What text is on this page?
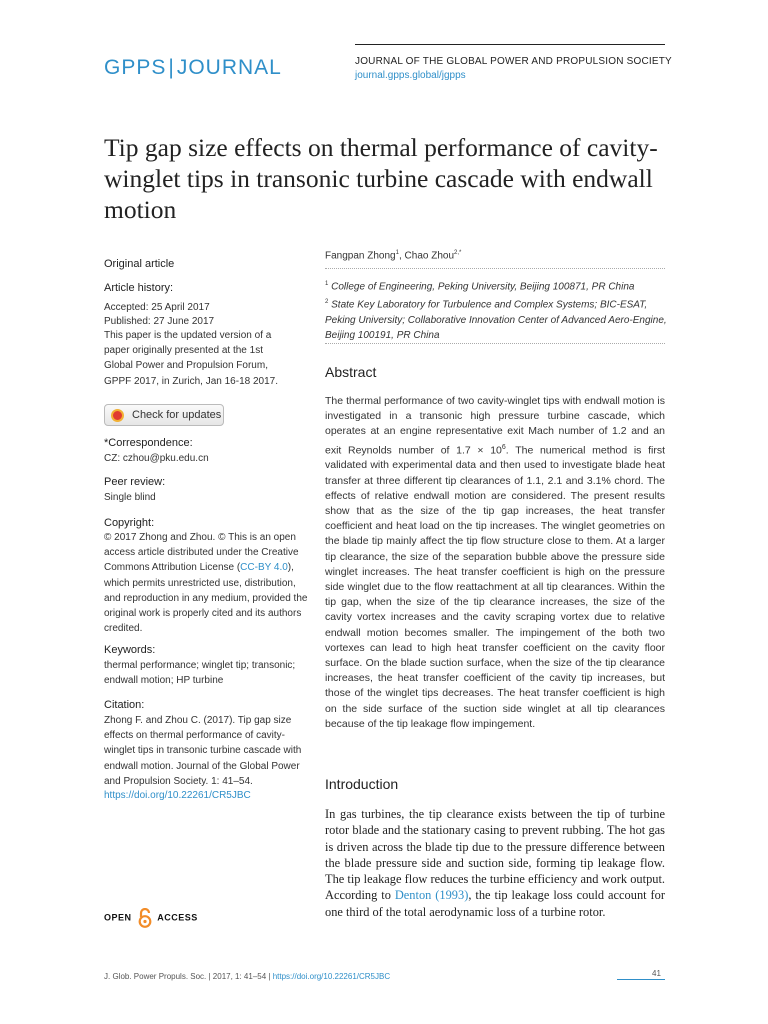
GPPS|JOURNAL	JOURNAL OF THE GLOBAL POWER AND PROPULSION SOCIETY
journal.gpps.global/jgpps
Tip gap size effects on thermal performance of cavity-winglet tips in transonic turbine cascade with endwall motion
Original article
Article history:
Accepted: 25 April 2017
Published: 27 June 2017
This paper is the updated version of a paper originally presented at the 1st Global Power and Propulsion Forum, GPPF 2017, in Zurich, Jan 16-18 2017.
Check for updates
*Correspondence:
CZ: czhou@pku.edu.cn
Peer review:
Single blind
Copyright:
© 2017 Zhong and Zhou. © This is an open access article distributed under the Creative Commons Attribution License (CC-BY 4.0), which permits unrestricted use, distribution, and reproduction in any medium, provided the original work is properly cited and its authors credited.
Keywords:
thermal performance; winglet tip; transonic; endwall motion; HP turbine
Citation:
Zhong F. and Zhou C. (2017). Tip gap size effects on thermal performance of cavity-winglet tips in transonic turbine cascade with endwall motion. Journal of the Global Power and Propulsion Society. 1: 41–54.
https://doi.org/10.22261/CR5JBC
OPEN	ACCESS
Fangpan Zhong$^1$, Chao Zhou$^{2,*}$
$^1$ College of Engineering, Peking University, Beijing 100871, PR China
$^2$ State Key Laboratory for Turbulence and Complex Systems; BIC-ESAT, Peking University; Collaborative Innovation Center of Advanced Aero-Engine, Beijing 100191, PR China
Abstract
The thermal performance of two cavity-winglet tips with endwall motion is investigated in a transonic high pressure turbine cascade, which operates at an engine representative exit Mach number of 1.2 and an exit Reynolds number of $1.7 \times 10^6$. The numerical method is first validated with experimental data and then used to investigate blade heat transfer at three different tip clearances of 1.1, 2.1 and 3.1% chord. The effects of relative endwall motion are considered. The present results show that as the size of the tip gap increases, the heat transfer coefficient and heat load on the tip increases. The winglet geometries on the blade tip mainly affect the tip flow structure close to them. At a larger tip clearance, the size of the separation bubble above the pressure side winglet increases. The heat transfer coefficient is high on the pressure side winglet due to the flow reattachment at all tip clearances. Within the tip gap, when the size of the tip clearance increases, the size of the cavity vortex increases and the cavity scraping vortex due to relative endwall motion becomes smaller. The impingement of the both two vortexes can lead to high heat transfer coefficient on the cavity floor surface. On the blade suction surface, when the size of the tip clearance increases, the heat transfer coefficient of the cavity tip increases, but those of the winglet tips decreases. The heat transfer coefficient is high on the side surface of the suction side winglet at all tip clearances because of the tip leakage flow impingement.
Introduction
In gas turbines, the tip clearance exists between the tip of turbine rotor blade and the stationary casing to prevent rubbing. The hot gas is driven across the blade tip due to the pressure difference between the blade pressure side and suction side, forming tip leakage flow. The tip leakage flow reduces the turbine efficiency and work output. According to Denton (1993), the tip leakage loss could account for one third of the total aerodynamic loss of a turbine rotor.
J. Glob. Power Propuls. Soc. | 2017, 1: 41–54 | https://doi.org/10.22261/CR5JBC	41
